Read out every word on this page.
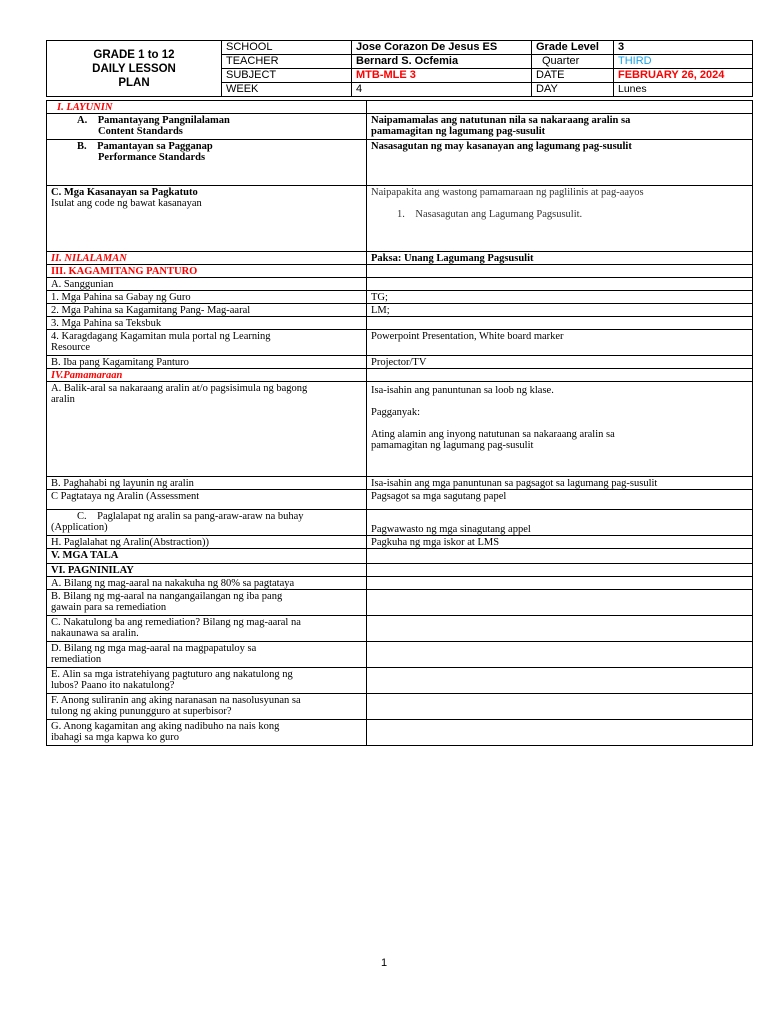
GRADE 1 to 12
DAILY LESSON
PLAN	SCHOOL	Jose Corazon De Jesus ES	Grade Level	3
	TEACHER	Bernard S. Ocfemia	Quarter	THIRD
	SUBJECT	MTB-MLE 3	DATE	FEBRUARY 26, 2024
	WEEK	4	DAY	Lunes
I. LAYUNIN	
A. Pamantayang Pangnilalaman
Content Standards	Naipamamalas ang natutunan nila sa nakaraang aralin sa
pamamagitan ng lagumang pag-susulit
B. Pamantayan sa Pagganap
Performance Standards	Nasasagutan ng may kasanayan ang lagumang pag-susulit
C. Mga Kasanayan sa Pagkatuto
Isulat ang code ng bawat kasanayan	Naipapakita ang wastong pamamaraan ng paglilinis at pag-aayos

1. Nasasagutan ang Lagumang Pagsusulit.
II. NILALAMAN	Paksa: Unang Lagumang Pagsusulit
III. KAGAMITANG PANTURO	
A. Sanggunian	
1. Mga Pahina sa Gabay ng Guro	TG;
2. Mga Pahina sa Kagamitang Pang- Mag-aaral	LM;
3. Mga Pahina sa Teksbuk	
4. Karagdagang Kagamitan mula portal ng Learning
Resource	Powerpoint Presentation, White board marker
B. Iba pang Kagamitang Panturo	Projector/TV
IV.Pamamaraan	
A. Balik-aral sa nakaraang aralin at/o pagsisimula ng bagong
aralin	Isa-isahin ang panuntunan sa loob ng klase.

Pagganyak:

Ating alamin ang inyong natutunan sa nakaraang aralin sa
pamamagitan ng lagumang pag-susulit
B. Paghahabi ng layunin ng aralin	Isa-isahin ang mga panuntunan sa pagsagot sa lagumang pag-susulit
C Pagtataya ng Aralin (Assessment	Pagsagot sa mga sagutang papel
C. Paglalapat ng aralin sa pang-araw-araw na buhay
(Application)	Pagwawasto ng mga sinagutang appel
H. Paglalahat ng Aralin(Abstraction))	Pagkuha ng mga iskor at LMS
V. MGA TALA	
VI. PAGNINILAY	
A. Bilang ng mag-aaral na nakakuha ng 80% sa pagtataya	
B. Bilang ng mg-aaral na nangangailangan ng iba pang
gawain para sa remediation	
C. Nakatulong ba ang remediation? Bilang ng mag-aaral na
nakaunawa sa aralin.	
D. Bilang ng mga mag-aaral na magpapatuloy sa
remediation	
E. Alin sa mga istratehiyang pagtuturo ang nakatulong ng
lubos? Paano ito nakatulong?	
F. Anong suliranin ang aking naranasan na nasolusyunan sa
tulong ng aking punungguro at superbisor?	
G. Anong kagamitan ang aking nadibuho na nais kong
ibahagi sa mga kapwa ko guro	
1
